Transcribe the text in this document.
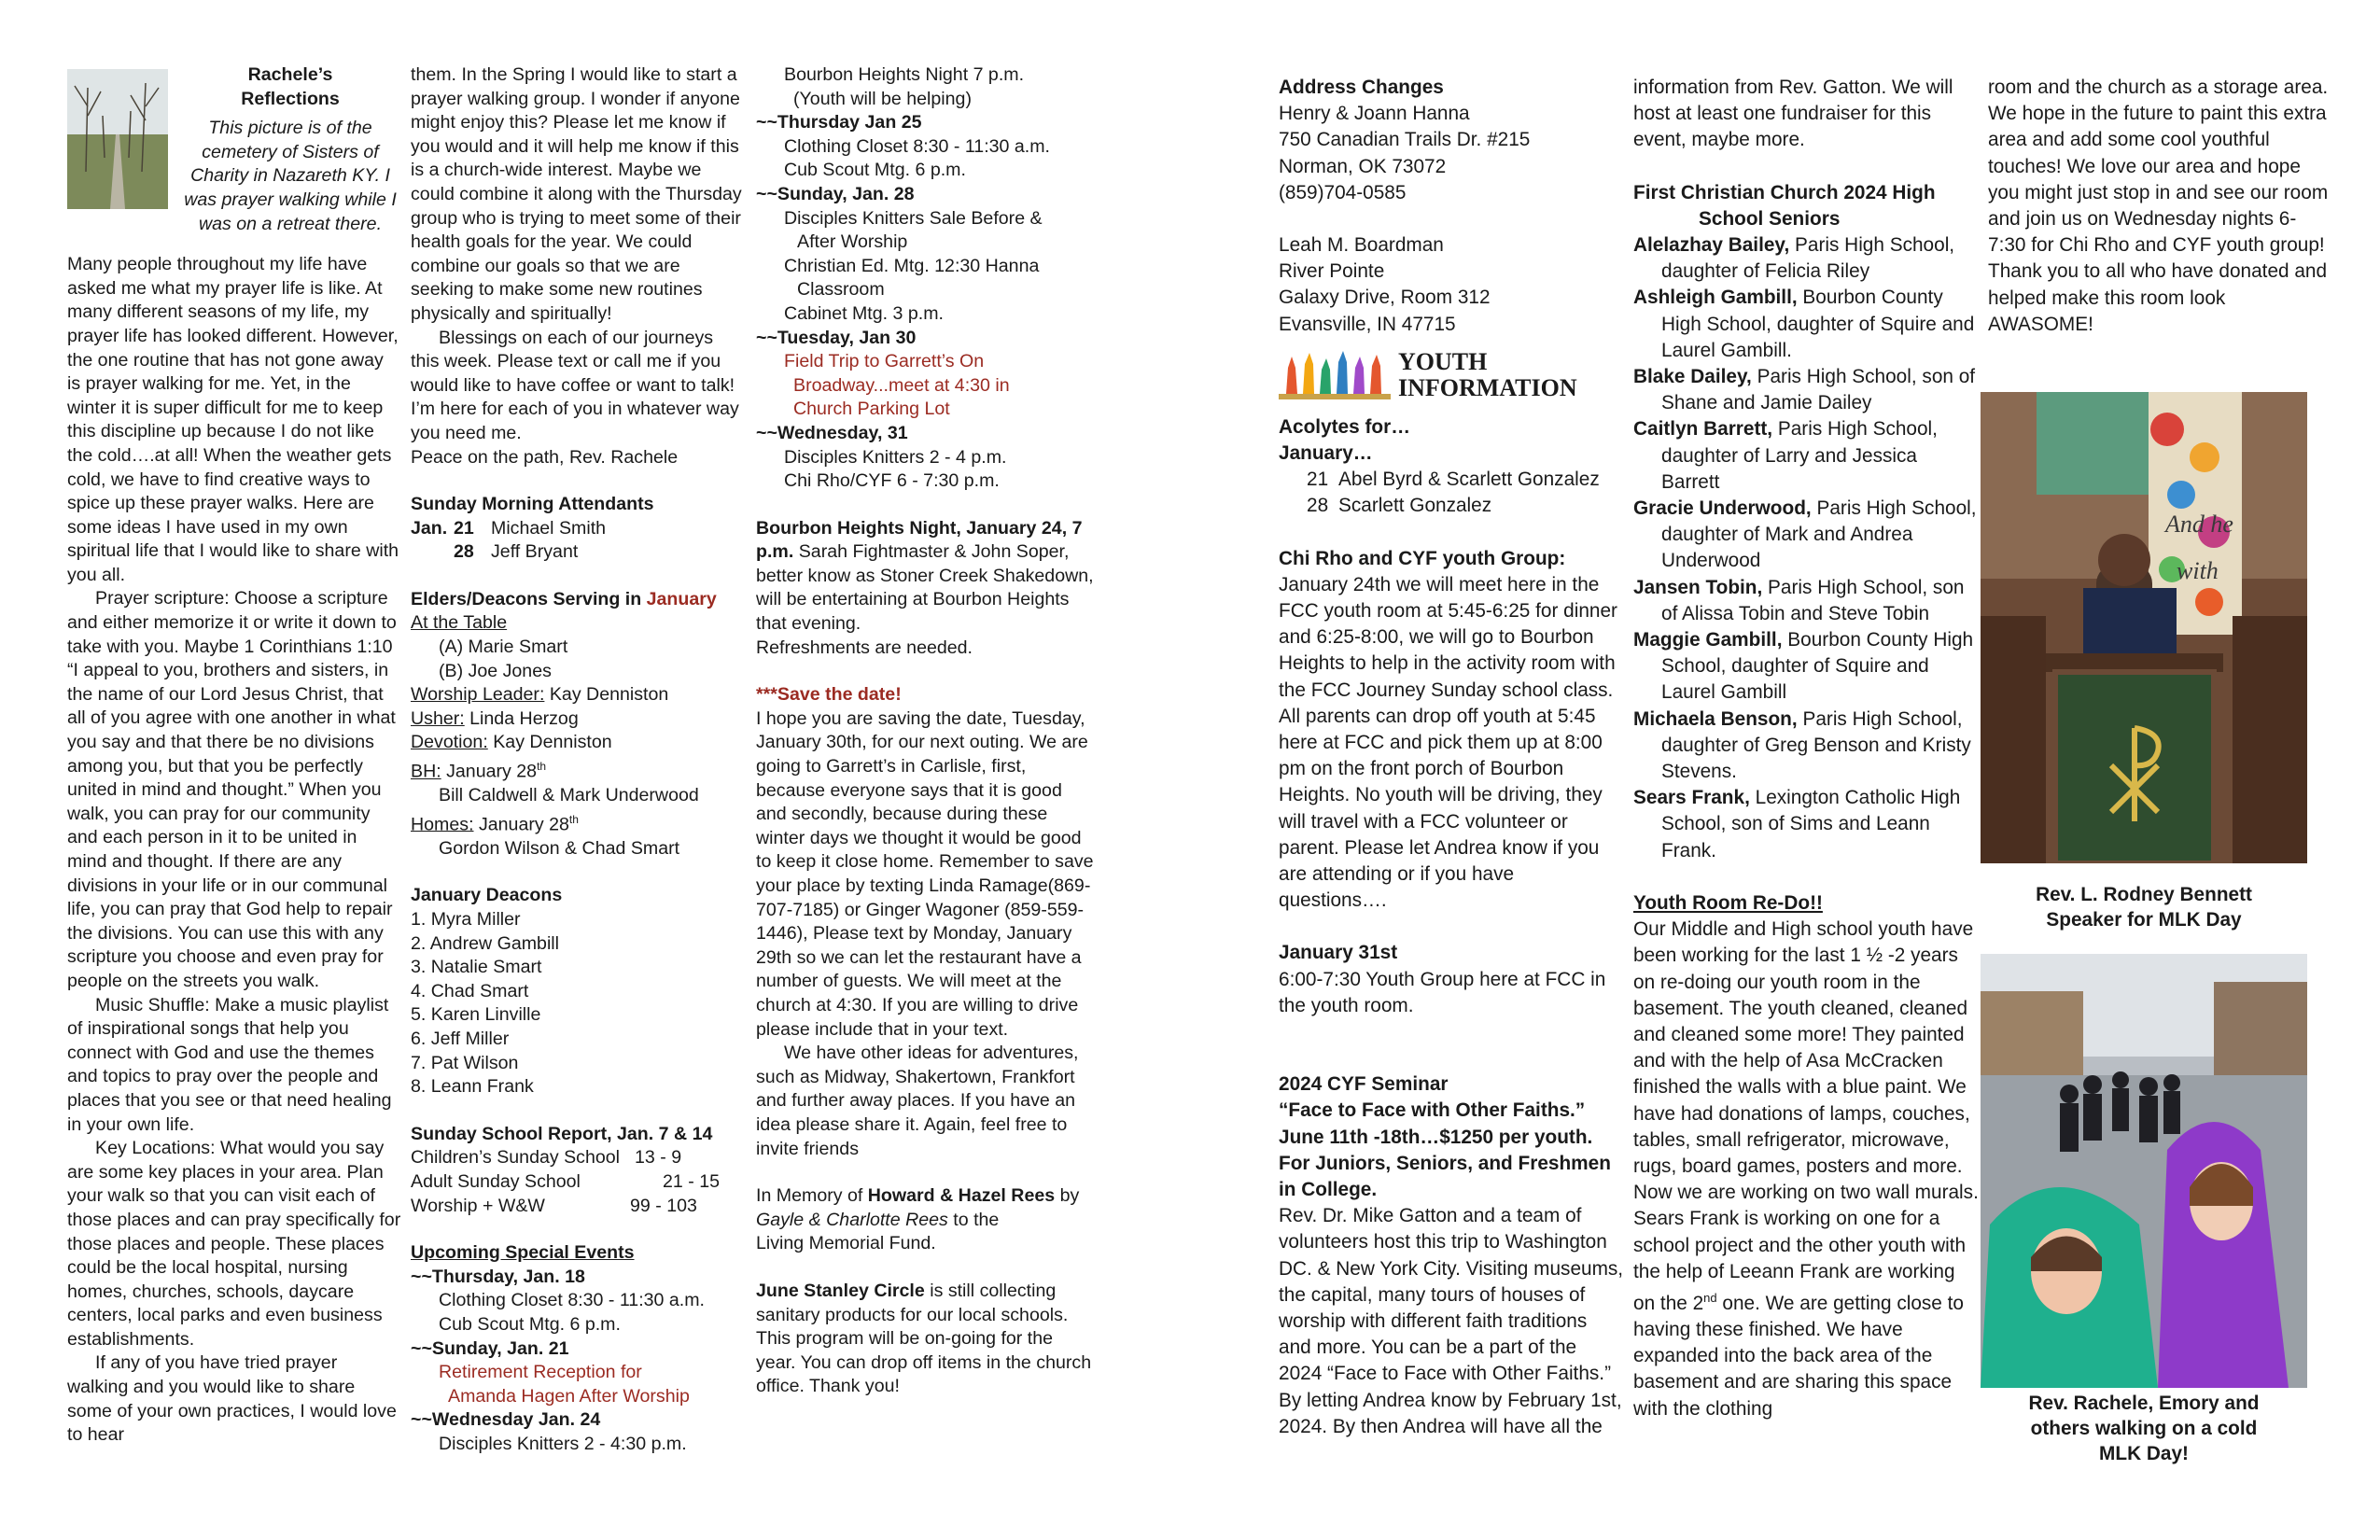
Rachele’s

Reflections

This picture is of the cemetery of Sisters of Charity in Nazareth KY. I was prayer walking while I was on a retreat there.

Many people throughout my life have asked me what my prayer life is like. At many different seasons of my life, my prayer life has looked different. However, the one routine that has not gone away is prayer walking for me. Yet, in the winter it is super difficult for me to keep this discipline up because I do not like the cold….at all! When the weather gets cold, we have to find creative ways to spice up these prayer walks. Here are some ideas I have used in my own spiritual life that I would like to share with you all.

Prayer scripture: Choose a scripture and either memorize it or write it down to take with you. Maybe 1 Corinthians 1:10 “I appeal to you, brothers and sisters, in the name of our Lord Jesus Christ, that all of you agree with one another in what you say and that there be no divisions among you, but that you be perfectly united in mind and thought.” When you walk, you can pray for our community and each person in it to be united in mind and thought. If there are any divisions in your life or in our communal life, you can pray that God help to repair the divisions. You can use this with any scripture you choose and even pray for people on the streets you walk.

Music Shuffle: Make a music playlist of inspirational songs that help you connect with God and use the themes and topics to pray over the people and places that you see or that need healing in your own life.

Key Locations: What would you say are some key places in your area. Plan your walk so that you can visit each of those places and can pray specifically for those places and people. These places could be the local hospital, nursing homes, churches, schools, daycare centers, local parks and even business establishments.

If any of you have tried prayer walking and you would like to share some of your own practices, I would love to hear

them. In the Spring I would like to start a prayer walking group. I wonder if anyone might enjoy this? Please let me know if you would and it will help me know if this is a church-wide interest. Maybe we could combine it along with the Thursday group who is trying to meet some of their health goals for the year. We could combine our goals so that we are seeking to make some new routines physically and spiritually!

Blessings on each of our journeys this week. Please text or call me if you would like to have coffee or want to talk! I’m here for each of you in whatever way you need me.

Peace on the path, Rev. Rachele

Sunday Morning Attendants

Jan. 21 Michael Smith

28 Jeff Bryant

Elders/Deacons Serving in January

At the Table

(A) Marie Smart

(B) Joe Jones

Worship Leader: Kay Denniston

Usher: Linda Herzog

Devotion: Kay Denniston

BH: January 28th

Bill Caldwell & Mark Underwood

Homes: January 28th

Gordon Wilson & Chad Smart

January Deacons

1. Myra Miller

2. Andrew Gambill

3. Natalie Smart

4. Chad Smart

5. Karen Linville

6. Jeff Miller

7. Pat Wilson

8. Leann Frank

Sunday School Report, Jan. 7 & 14

Children’s Sunday School 13 - 9

Adult Sunday School	21 - 15

Worship + W&W	99 - 103

Upcoming Special Events

~~Thursday, Jan. 18

Clothing Closet 8:30 - 11:30 a.m.

Cub Scout Mtg. 6 p.m.

~~Sunday, Jan. 21

Retirement Reception for

Amanda Hagen After Worship

~~Wednesday Jan. 24

Disciples Knitters 2 - 4:30 p.m.

Bourbon Heights Night 7 p.m.

(Youth will be helping)

~~Thursday Jan 25

Clothing Closet 8:30 - 11:30 a.m.

Cub Scout Mtg. 6 p.m.

~~Sunday, Jan. 28

Disciples Knitters Sale Before &

After Worship

Christian Ed. Mtg. 12:30 Hanna

Classroom

Cabinet Mtg. 3 p.m.

~~Tuesday, Jan 30

Field Trip to Garrett’s On

Broadway...meet at 4:30 in

Church Parking Lot

~~Wednesday, 31

Disciples Knitters 2 - 4 p.m.

Chi Rho/CYF 6 - 7:30 p.m.

Bourbon Heights Night, January 24, 7 p.m. Sarah Fightmaster & John Soper, better know as Stoner Creek Shakedown, will be entertaining at Bourbon Heights that evening.

Refreshments are needed.

***Save the date!

I hope you are saving the date, Tuesday, January 30th, for our next outing. We are going to Garrett’s in Carlisle, first, because everyone says that it is good and secondly, because during these winter days we thought it would be good to keep it close home. Remember to save your place by texting Linda Ramage(869-707-7185) or Ginger Wagoner (859-559-1446), Please text by Monday, January 29th so we can let the restaurant have a number of guests. We will meet at the church at 4:30. If you are willing to drive please include that in your text.

We have other ideas for adventures, such as Midway, Shakertown, Frankfort and further away places. If you have an idea please share it. Again, feel free to invite friends

In Memory of Howard & Hazel Rees by
Gayle & Charlotte Rees to the
Living Memorial Fund.

June Stanley Circle is still collecting sanitary products for our local schools. This program will be on-going for the year. You can drop off items in the church office. Thank you!

Address Changes

Henry & Joann Hanna

750 Canadian Trails Dr. #215

Norman, OK 73072

(859)704-0585

Leah M. Boardman

River Pointe

Galaxy Drive, Room 312

Evansville, IN 47715

YOUTH
INFORMATION

Acolytes for…

January…

21 Abel Byrd & Scarlett Gonzalez

28 Scarlett Gonzalez

Chi Rho and CYF youth Group:

January 24th we will meet here in the FCC youth room at 5:45-6:25 for dinner and 6:25-8:00, we will go to Bourbon Heights to help in the activity room with the FCC Journey Sunday school class. All parents can drop off youth at 5:45 here at FCC and pick them up at 8:00 pm on the front porch of Bourbon Heights. No youth will be driving, they will travel with a FCC volunteer or parent. Please let Andrea know if you are attending or if you have questions….

January 31st

6:00-7:30 Youth Group here at FCC in the youth room.

2024 CYF Seminar

“Face to Face with Other Faiths.”

June 11th -18th…$1250 per youth.

For Juniors, Seniors, and Freshmen in College.

Rev. Dr. Mike Gatton and a team of volunteers host this trip to Washington DC. & New York City. Visiting museums, the capital, many tours of houses of worship with different faith traditions and more. You can be a part of the 2024 “Face to Face with Other Faiths.” By letting Andrea know by February 1st, 2024. By then Andrea will have all the

information from Rev. Gatton. We will host at least one fundraiser for this event, maybe more.

First Christian Church 2024 High

School Seniors

Alelazhay Bailey, Paris High School, daughter of Felicia Riley

Ashleigh Gambill, Bourbon County High School, daughter of Squire and Laurel Gambill.

Blake Dailey, Paris High School, son of Shane and Jamie Dailey

Caitlyn Barrett, Paris High School, daughter of Larry and Jessica Barrett

Gracie Underwood, Paris High School, daughter of Mark and Andrea Underwood

Jansen Tobin, Paris High School, son of Alissa Tobin and Steve Tobin

Maggie Gambill, Bourbon County High School, daughter of Squire and Laurel Gambill

Michaela Benson, Paris High School, daughter of Greg Benson and Kristy Stevens.

Sears Frank, Lexington Catholic High School, son of Sims and Leann Frank.

Youth Room Re-Do!!

Our Middle and High school youth have been working for the last 1 ½ -2 years on re-doing our youth room in the basement. The youth cleaned, cleaned and cleaned some more! They painted and with the help of Asa McCracken finished the walls with a blue paint. We have had donations of lamps, couches, tables, small refrigerator, microwave, rugs, board games, posters and more. Now we are working on two wall murals. Sears Frank is working on one for a school project and the other youth with the help of Leeann Frank are working on the 2nd one. We are getting close to having these finished. We have expanded into the back area of the basement and are sharing this space with the clothing

room and the church as a storage area. We hope in the future to paint this extra area and add some cool youthful touches! We love our area and hope you might just stop in and see our room and join us on Wednesday nights 6-7:30 for Chi Rho and CYF youth group! Thank you to all who have donated and helped make this room look AWASOME!

And he
with
Rev. L. Rodney Bennett
Speaker for MLK Day
Rev. Rachele, Emory and
others walking on a cold
MLK Day!
